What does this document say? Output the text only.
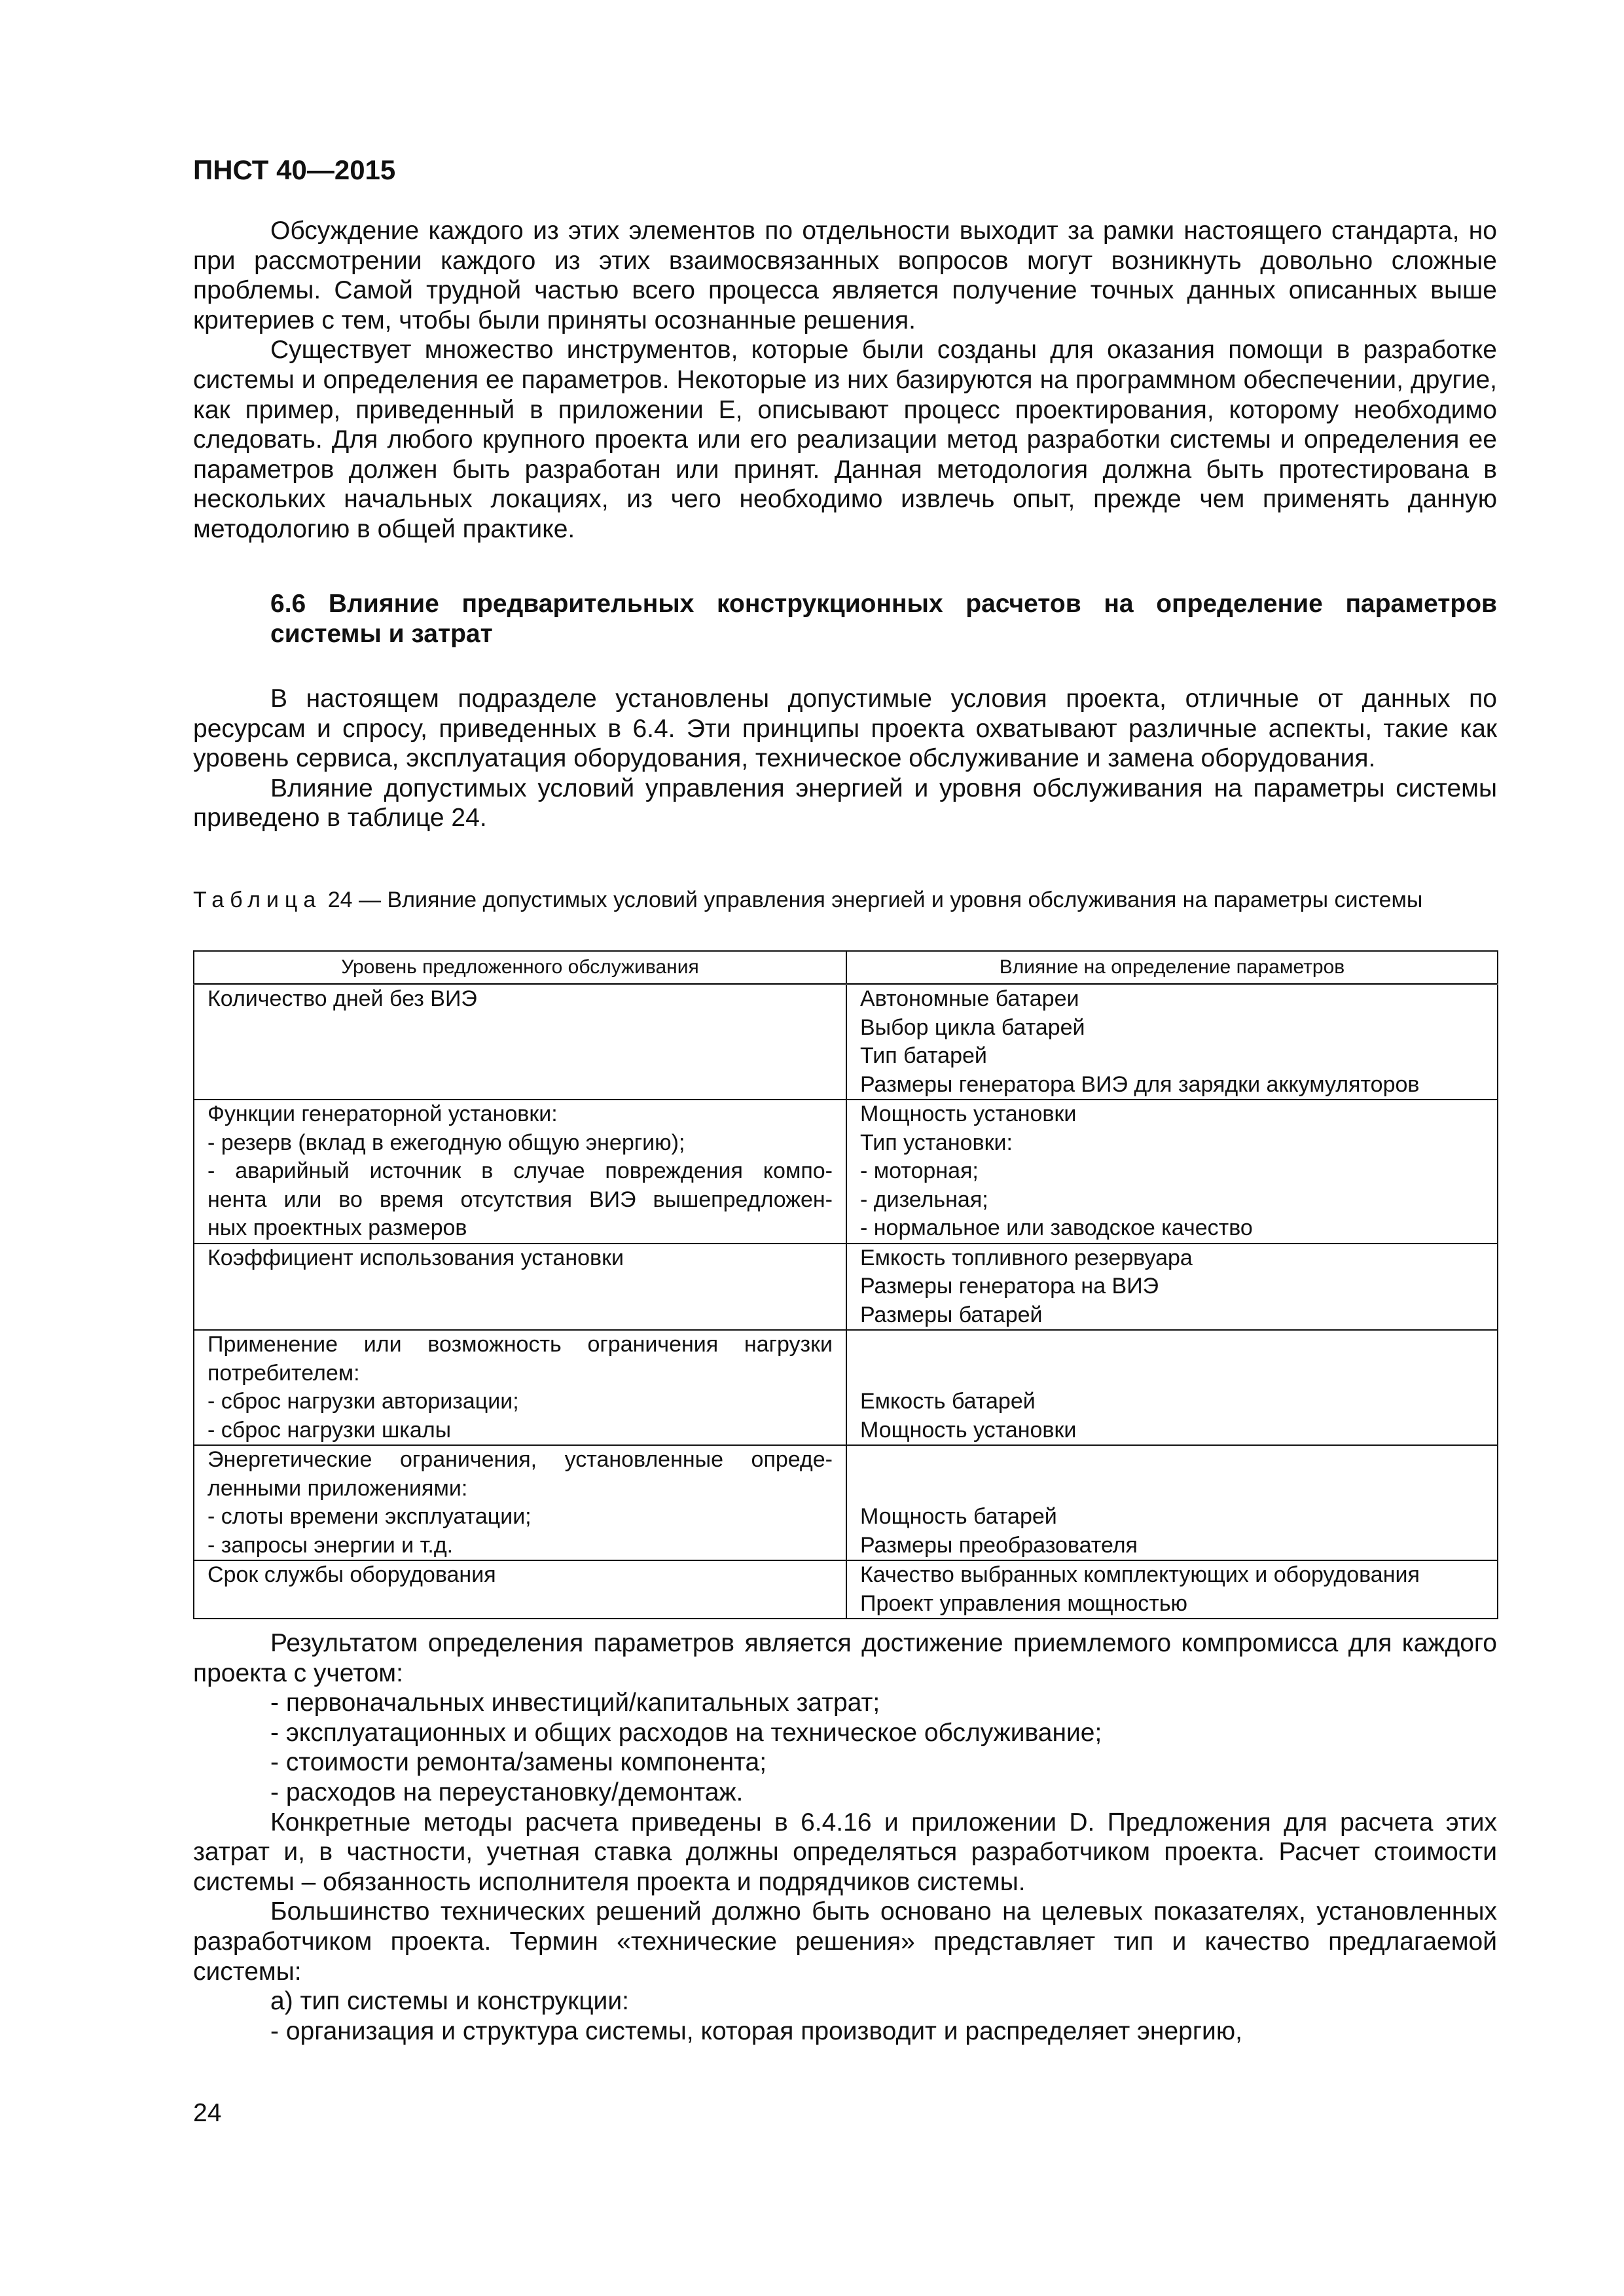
ПНСТ 40—2015

Обсуждение каждого из этих элементов по отдельности выходит за рамки настоящего стандарта, но при рассмотрении каждого из этих взаимосвязанных вопросов могут возникнуть довольно сложные проблемы. Самой трудной частью всего процесса является получение точных данных описанных выше критериев с тем, чтобы были приняты осознанные решения.

Существует множество инструментов, которые были созданы для оказания помощи в разработке системы и определения ее параметров. Некоторые из них базируются на программном обеспечении, другие, как пример, приведенный в приложении Е, описывают процесс проектирования, которому необходимо следовать. Для любого крупного проекта или его реализации метод разработки системы и определения ее параметров должен быть разработан или принят. Данная методология должна быть протестирована в нескольких начальных локациях, из чего необходимо извлечь опыт, прежде чем применять данную методологию в общей практике.

6.6 Влияние предварительных конструкционных расчетов на определение параметров системы и затрат

В настоящем подразделе установлены допустимые условия проекта, отличные от данных по ресурсам и спросу, приведенных в 6.4. Эти принципы проекта охватывают различные аспекты, такие как уровень сервиса, эксплуатация оборудования, техническое обслуживание и замена оборудования.

Влияние допустимых условий управления энергией и уровня обслуживания на параметры системы приведено в таблице 24.

Таблица 24 — Влияние допустимых условий управления энергией и уровня обслуживания на параметры системы
Уровень предложенного обслуживания	Влияние на определение параметров

Количество дней без ВИЭ	Автономные батареи
Выбор цикла батарей
Тип батарей
Размеры генератора ВИЭ для зарядки аккумуляторов

Функции генераторной установки:
- резерв (вклад в ежегодную общую энергию);
- аварийный источник в случае повреждения компо-
нента или во время отсутствия ВИЭ вышепредложен-
ных проектных размеров	Мощность установки
Тип установки:
- моторная;
- дизельная;
- нормальное или заводское качество

Коэффициент использования установки	Емкость топливного резервуара
Размеры генератора на ВИЭ
Размеры батарей

Применение или возможность ограничения нагрузки
потребителем:
- сброс нагрузки авторизации;
- сброс нагрузки шкалы	Емкость батарей
Мощность установки

Энергетические ограничения, установленные опреде-
ленными приложениями:
- слоты времени эксплуатации;
- запросы энергии и т.д.	Мощность батарей
Размеры преобразователя

Срок службы оборудования	Качество выбранных комплектующих и оборудования
Проект управления мощностью

Результатом определения параметров является достижение приемлемого компромисса для каждого проекта с учетом:

- первоначальных инвестиций/капитальных затрат;

- эксплуатационных и общих расходов на техническое обслуживание;

- стоимости ремонта/замены компонента;

- расходов на переустановку/демонтаж.

Конкретные методы расчета приведены в 6.4.16 и приложении D. Предложения для расчета этих затрат и, в частности, учетная ставка должны определяться разработчиком проекта. Расчет стоимости системы – обязанность исполнителя проекта и подрядчиков системы.

Большинство технических решений должно быть основано на целевых показателях, установленных разработчиком проекта. Термин «технические решения» представляет тип и качество предлагаемой системы:

а) тип системы и конструкции:

- организация и структура системы, которая производит и распределяет энергию,

24
